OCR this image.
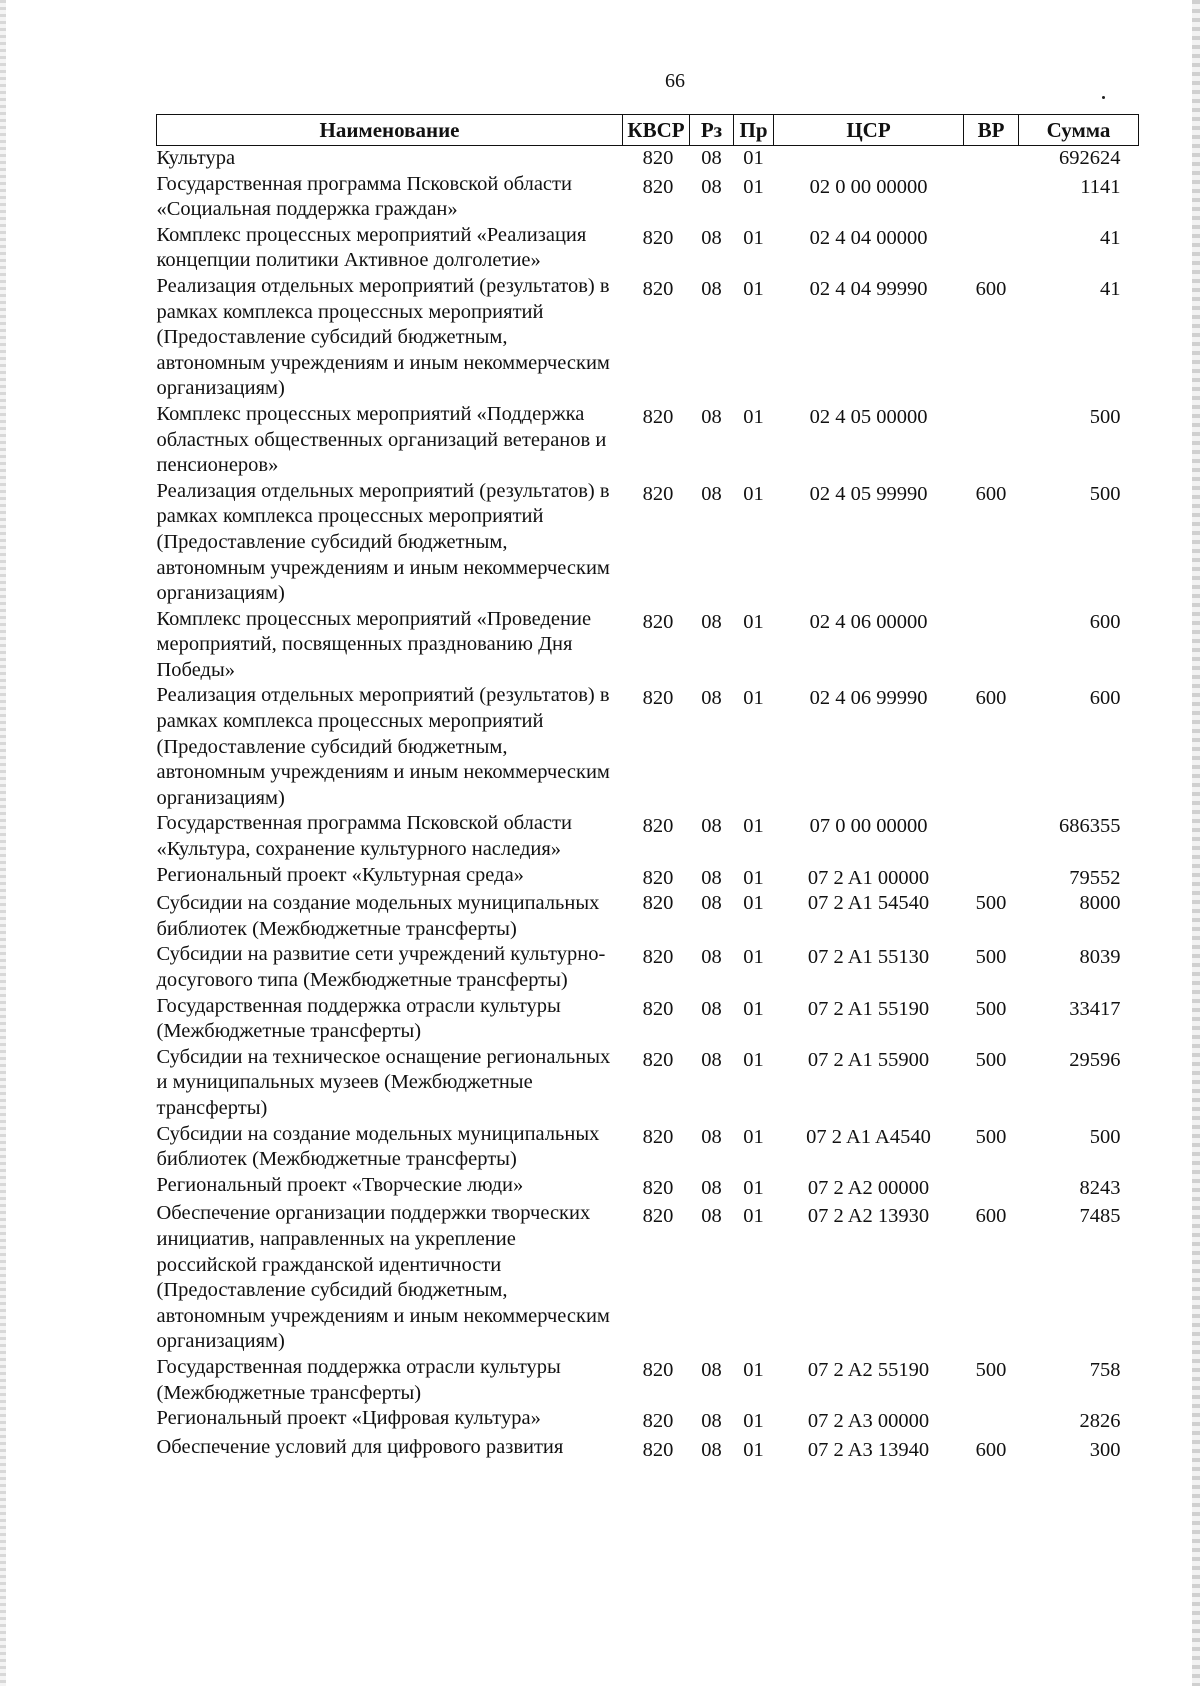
66
Наименование	КВСР	Рз	Пр	ЦСР	ВР	Сумма
Культура	820	08	01			692624
Государственная программа Псковской области «Социальная поддержка граждан»	820	08	01	02 0 00 00000		1141
Комплекс процессных мероприятий «Реализация концепции политики Активное долголетие»	820	08	01	02 4 04 00000		41
Реализация отдельных мероприятий (результатов) в рамках комплекса процессных мероприятий (Предоставление субсидий бюджетным, автономным учреждениям и иным некоммерческим организациям)	820	08	01	02 4 04 99990	600	41
Комплекс процессных мероприятий «Поддержка областных общественных организаций ветеранов и пенсионеров»	820	08	01	02 4 05 00000		500
Реализация отдельных мероприятий (результатов) в рамках комплекса процессных мероприятий (Предоставление субсидий бюджетным, автономным учреждениям и иным некоммерческим организациям)	820	08	01	02 4 05 99990	600	500
Комплекс процессных мероприятий «Проведение мероприятий, посвященных празднованию Дня Победы»	820	08	01	02 4 06 00000		600
Реализация отдельных мероприятий (результатов) в рамках комплекса процессных мероприятий (Предоставление субсидий бюджетным, автономным учреждениям и иным некоммерческим организациям)	820	08	01	02 4 06 99990	600	600
Государственная программа Псковской области «Культура, сохранение культурного наследия»	820	08	01	07 0 00 00000		686355
Региональный проект «Культурная среда»	820	08	01	07 2 A1 00000		79552
Субсидии на создание модельных муниципальных библиотек (Межбюджетные трансферты)	820	08	01	07 2 A1 54540	500	8000
Субсидии на развитие сети учреждений культурно-досугового типа (Межбюджетные трансферты)	820	08	01	07 2 A1 55130	500	8039
Государственная поддержка отрасли культуры (Межбюджетные трансферты)	820	08	01	07 2 A1 55190	500	33417
Субсидии на техническое оснащение региональных и муниципальных музеев (Межбюджетные трансферты)	820	08	01	07 2 A1 55900	500	29596
Субсидии на создание модельных муниципальных библиотек (Межбюджетные трансферты)	820	08	01	07 2 A1 A4540	500	500
Региональный проект «Творческие люди»	820	08	01	07 2 A2 00000		8243
Обеспечение организации поддержки творческих инициатив, направленных на укрепление российской гражданской идентичности (Предоставление субсидий бюджетным, автономным учреждениям и иным некоммерческим организациям)	820	08	01	07 2 A2 13930	600	7485
Государственная поддержка отрасли культуры (Межбюджетные трансферты)	820	08	01	07 2 A2 55190	500	758
Региональный проект «Цифровая культура»	820	08	01	07 2 A3 00000		2826
Обеспечение условий для цифрового развития	820	08	01	07 2 A3 13940	600	300
